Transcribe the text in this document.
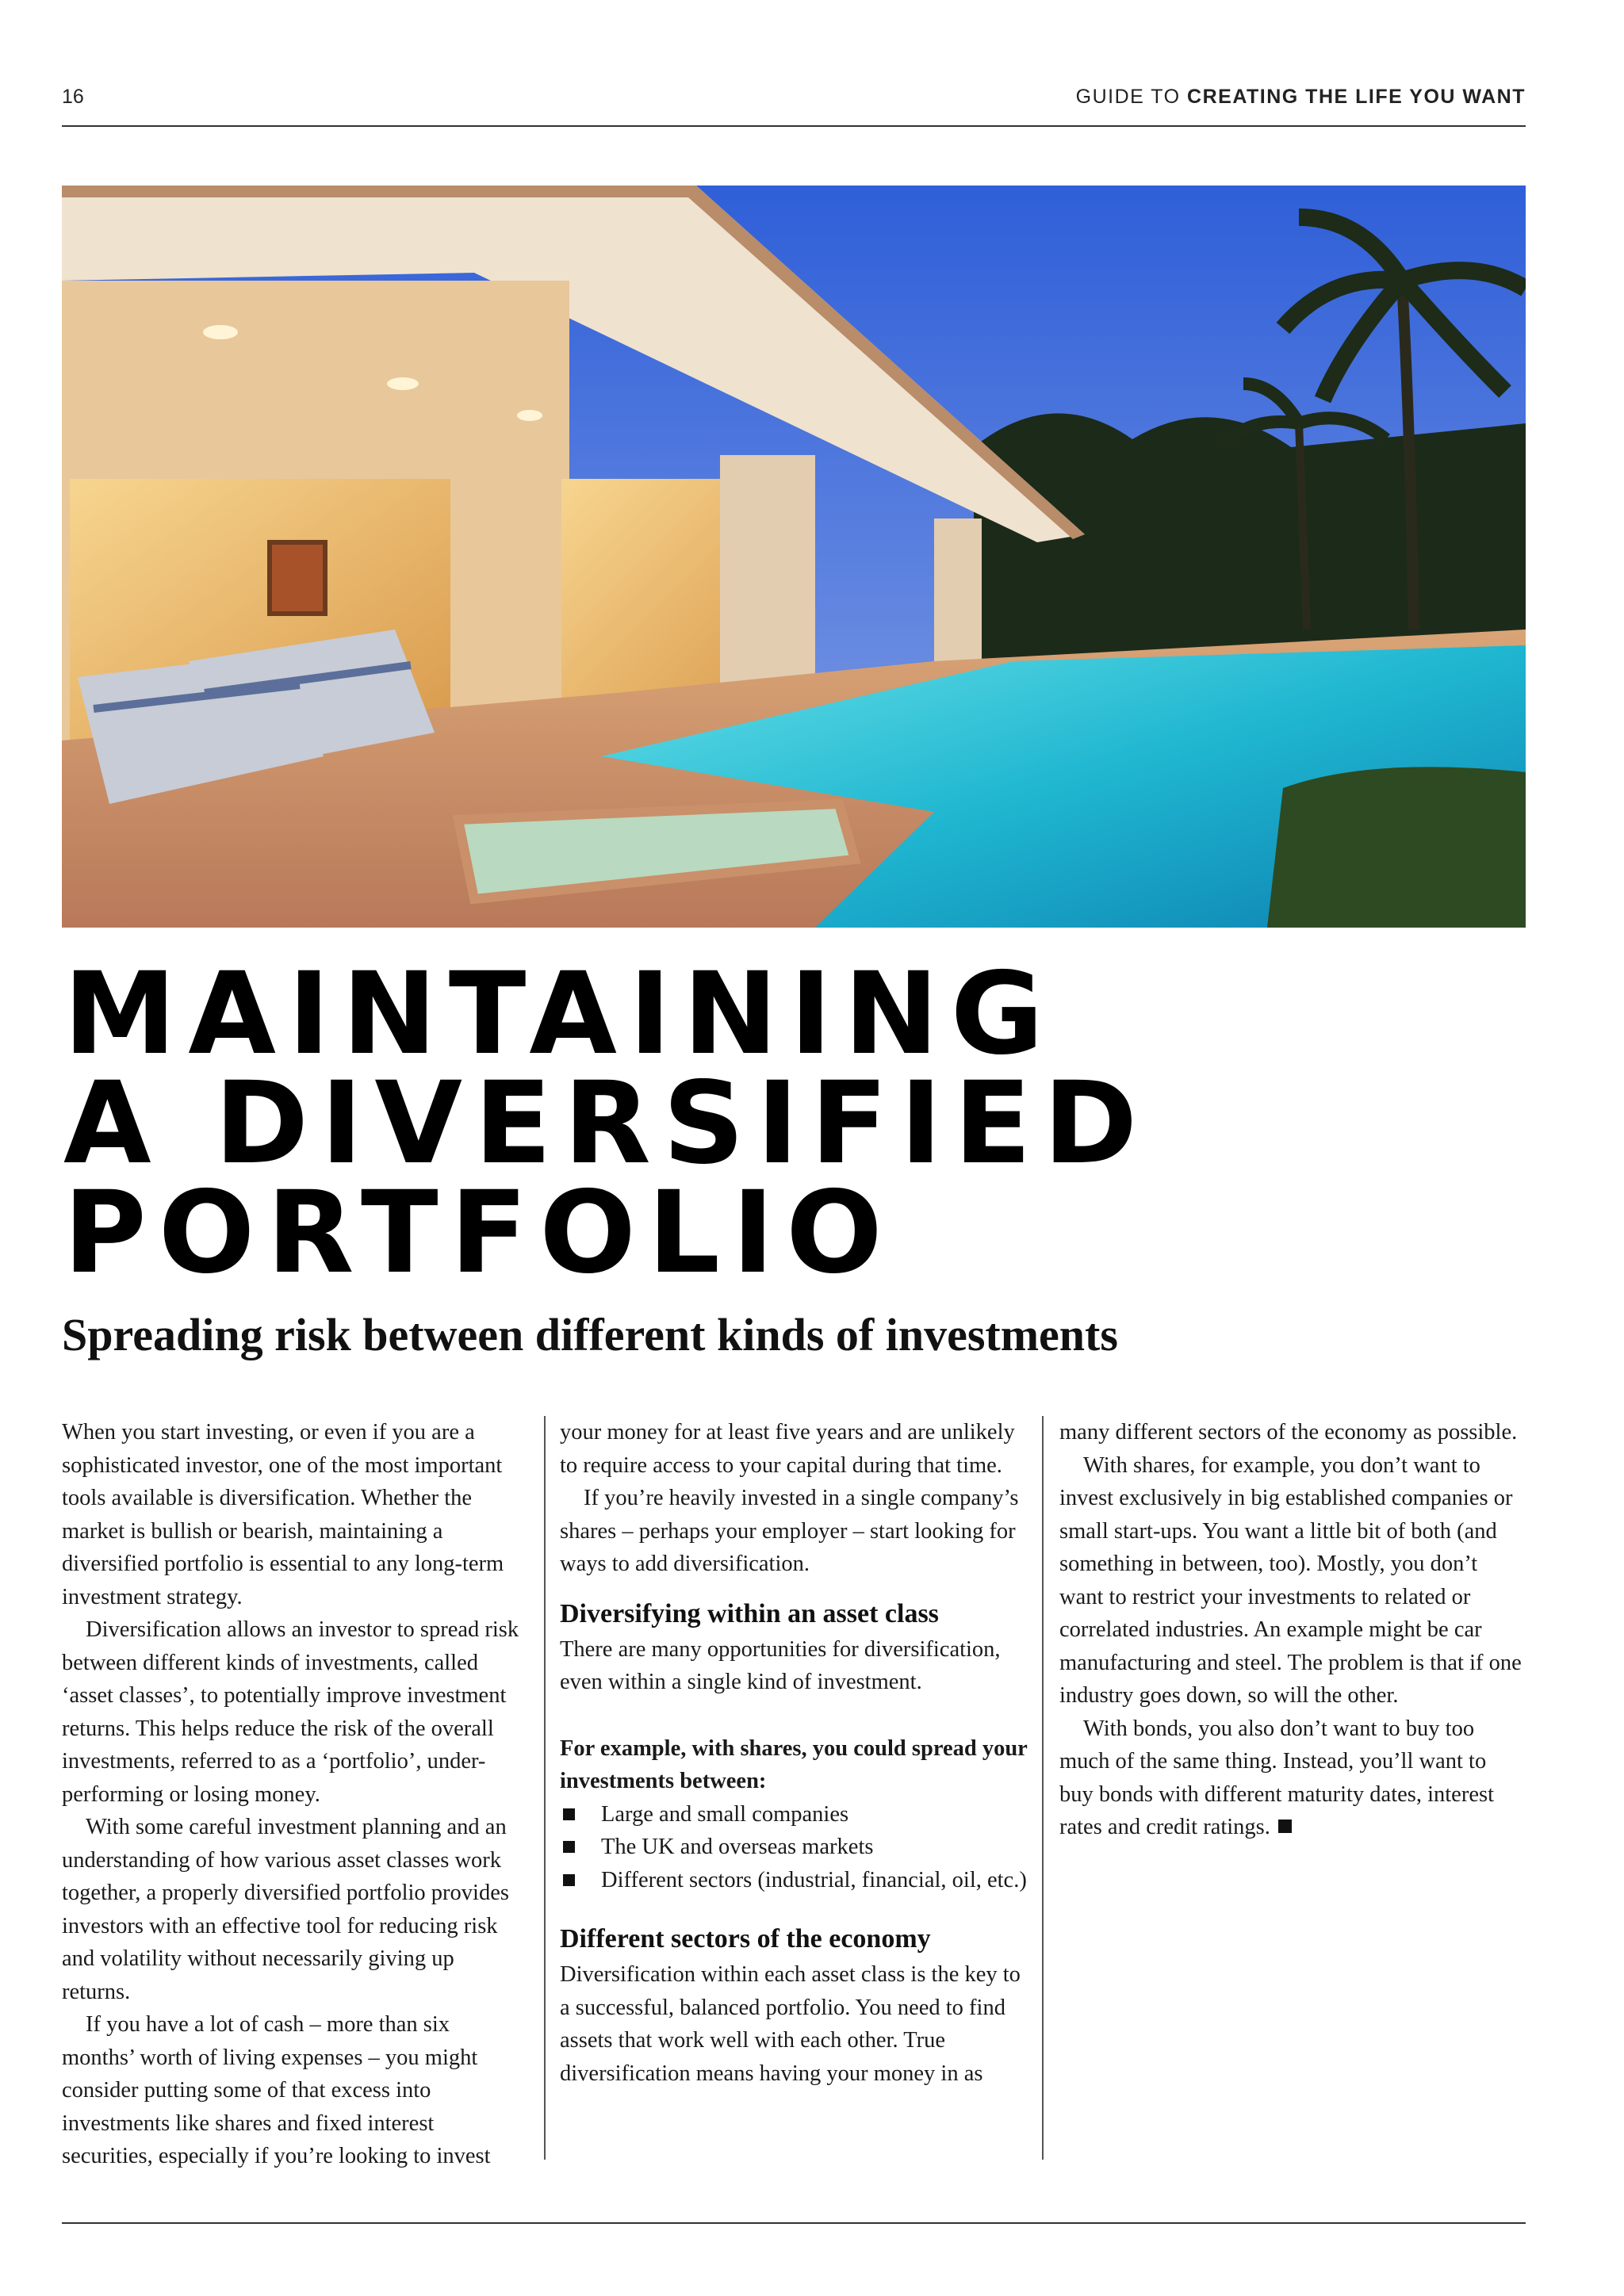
16	GUIDE TO CREATING THE LIFE YOU WANT
MAINTAINING
A DIVERSIFIED
PORTFOLIO
Spreading risk between different kinds of investments

When you start investing, or even if you are a sophisticated investor, one of the most important tools available is diversification. Whether the market is bullish or bearish, maintaining a diversified portfolio is essential to any long-term investment strategy.

Diversification allows an investor to spread risk between different kinds of investments, called ‘asset classes’, to potentially improve investment returns. This helps reduce the risk of the overall investments, referred to as a ‘portfolio’, under-performing or losing money.

With some careful investment planning and an understanding of how various asset classes work together, a properly diversified portfolio provides investors with an effective tool for reducing risk and volatility without necessarily giving up returns.

If you have a lot of cash – more than six months’ worth of living expenses – you might consider putting some of that excess into investments like shares and fixed interest securities, especially if you’re looking to invest

your money for at least five years and are unlikely to require access to your capital during that time.

If you’re heavily invested in a single company’s shares – perhaps your employer – start looking for ways to add diversification.

Diversifying within an asset class

There are many opportunities for diversification, even within a single kind of investment.

For example, with shares, you could spread your investments between:

Large and small companies
The UK and overseas markets
Different sectors (industrial, financial, oil, etc.)
Different sectors of the economy

Diversification within each asset class is the key to a successful, balanced portfolio. You need to find assets that work well with each other. True diversification means having your money in as

many different sectors of the economy as possible.

With shares, for example, you don’t want to invest exclusively in big established companies or small start-ups. You want a little bit of both (and something in between, too). Mostly, you don’t want to restrict your investments to related or correlated industries. An example might be car manufacturing and steel. The problem is that if one industry goes down, so will the other.

With bonds, you also don’t want to buy too much of the same thing. Instead, you’ll want to buy bonds with different maturity dates, interest rates and credit ratings.
